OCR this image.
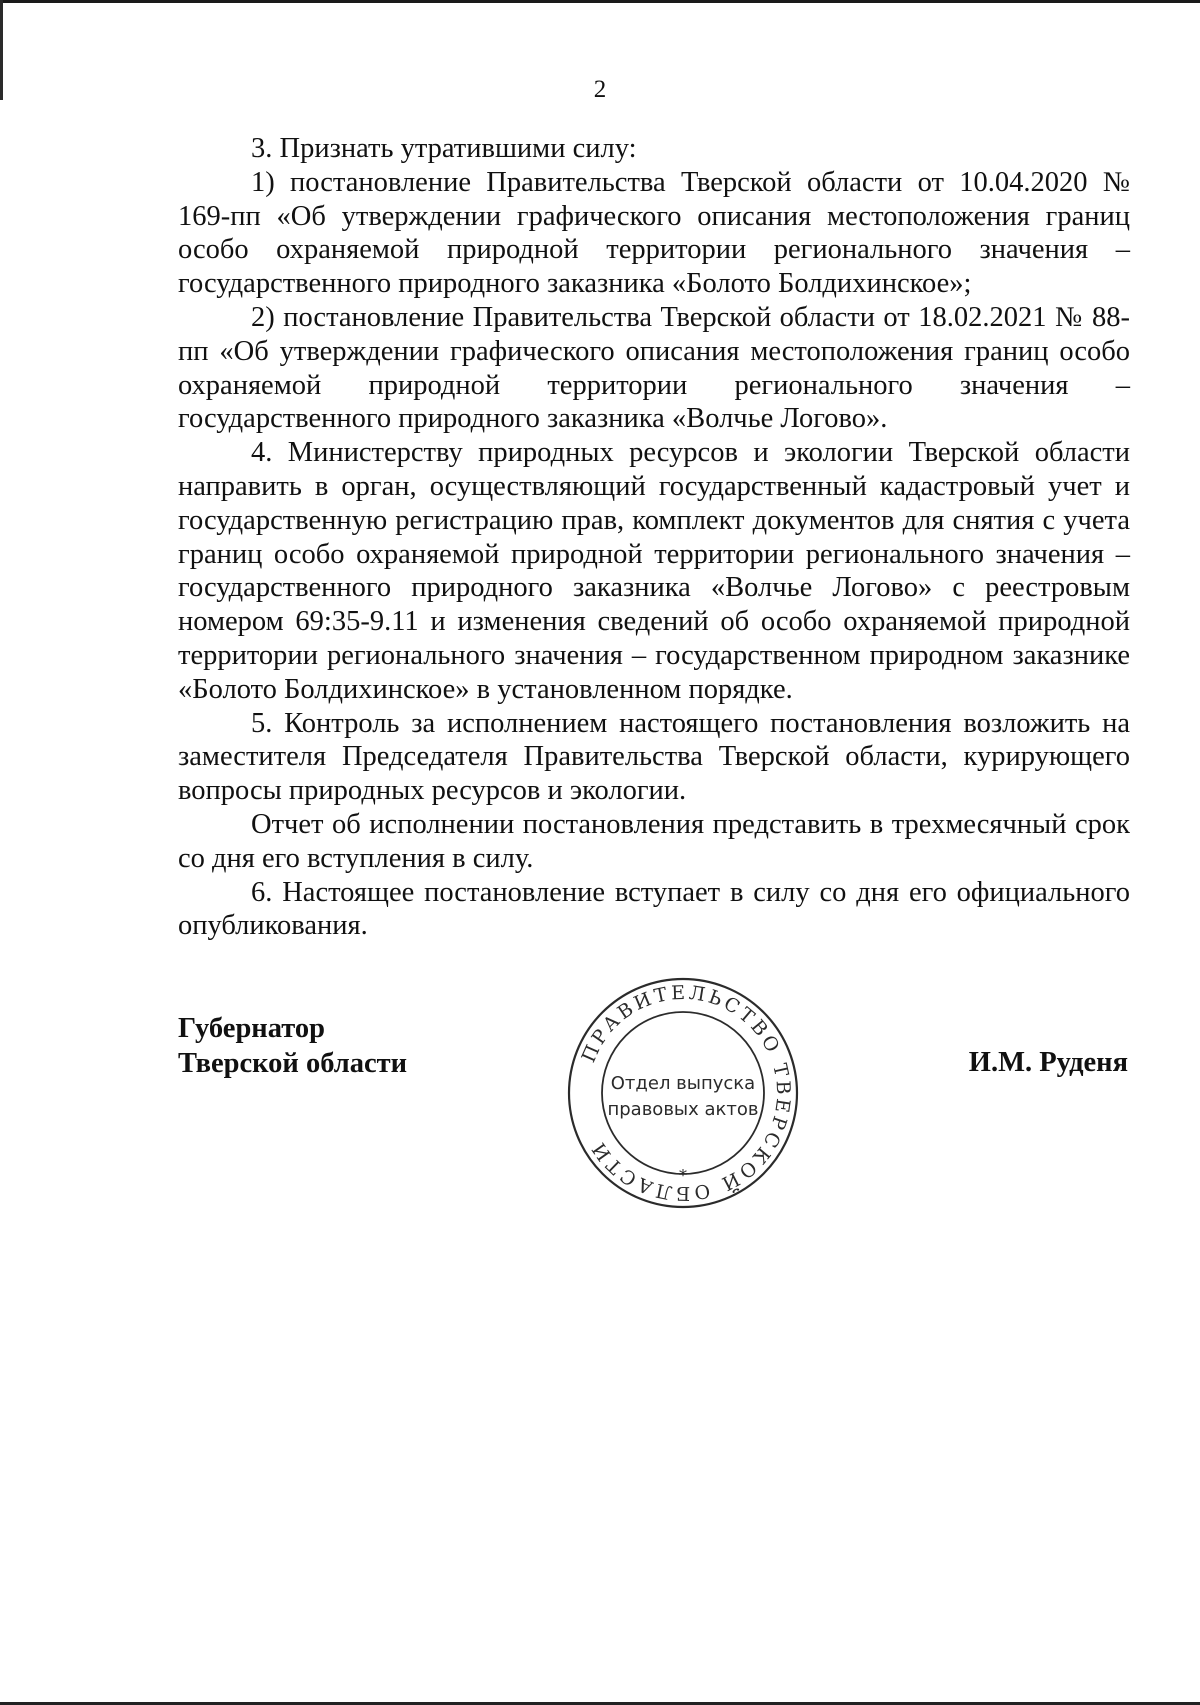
2

3. Признать утратившими силу:

1) постановление Правительства Тверской области от 10.04.2020 № 169-пп «Об утверждении графического описания местоположения границ особо охраняемой природной территории регионального значения – государственного природного заказника «Болото Болдихинское»;

2) постановление Правительства Тверской области от 18.02.2021 № 88-пп «Об утверждении графического описания местоположения границ особо охраняемой природной территории регионального значения – государственного природного заказника «Волчье Логово».

4. Министерству природных ресурсов и экологии Тверской области направить в орган, осуществляющий государственный кадастровый учет и государственную регистрацию прав, комплект документов для снятия с учета границ особо охраняемой природной территории регионального значения – государственного природного заказника «Волчье Логово» с реестровым номером 69:35-9.11 и изменения сведений об особо охраняемой природной территории регионального значения – государственном природном заказнике «Болото Болдихинское» в установленном порядке.

5. Контроль за исполнением настоящего постановления возложить на заместителя Председателя Правительства Тверской области, курирующего вопросы природных ресурсов и экологии.

Отчет об исполнении постановления представить в трехмесячный срок со дня его вступления в силу.

6. Настоящее постановление вступает в силу со дня его официального опубликования.

Губернатор
Тверской области	И.М. Руденя
ПРАВИТЕЛЬСТВО ТВЕРСКОЙ ОБЛАСТИ
Отдел выпуска
правовых актов
*
